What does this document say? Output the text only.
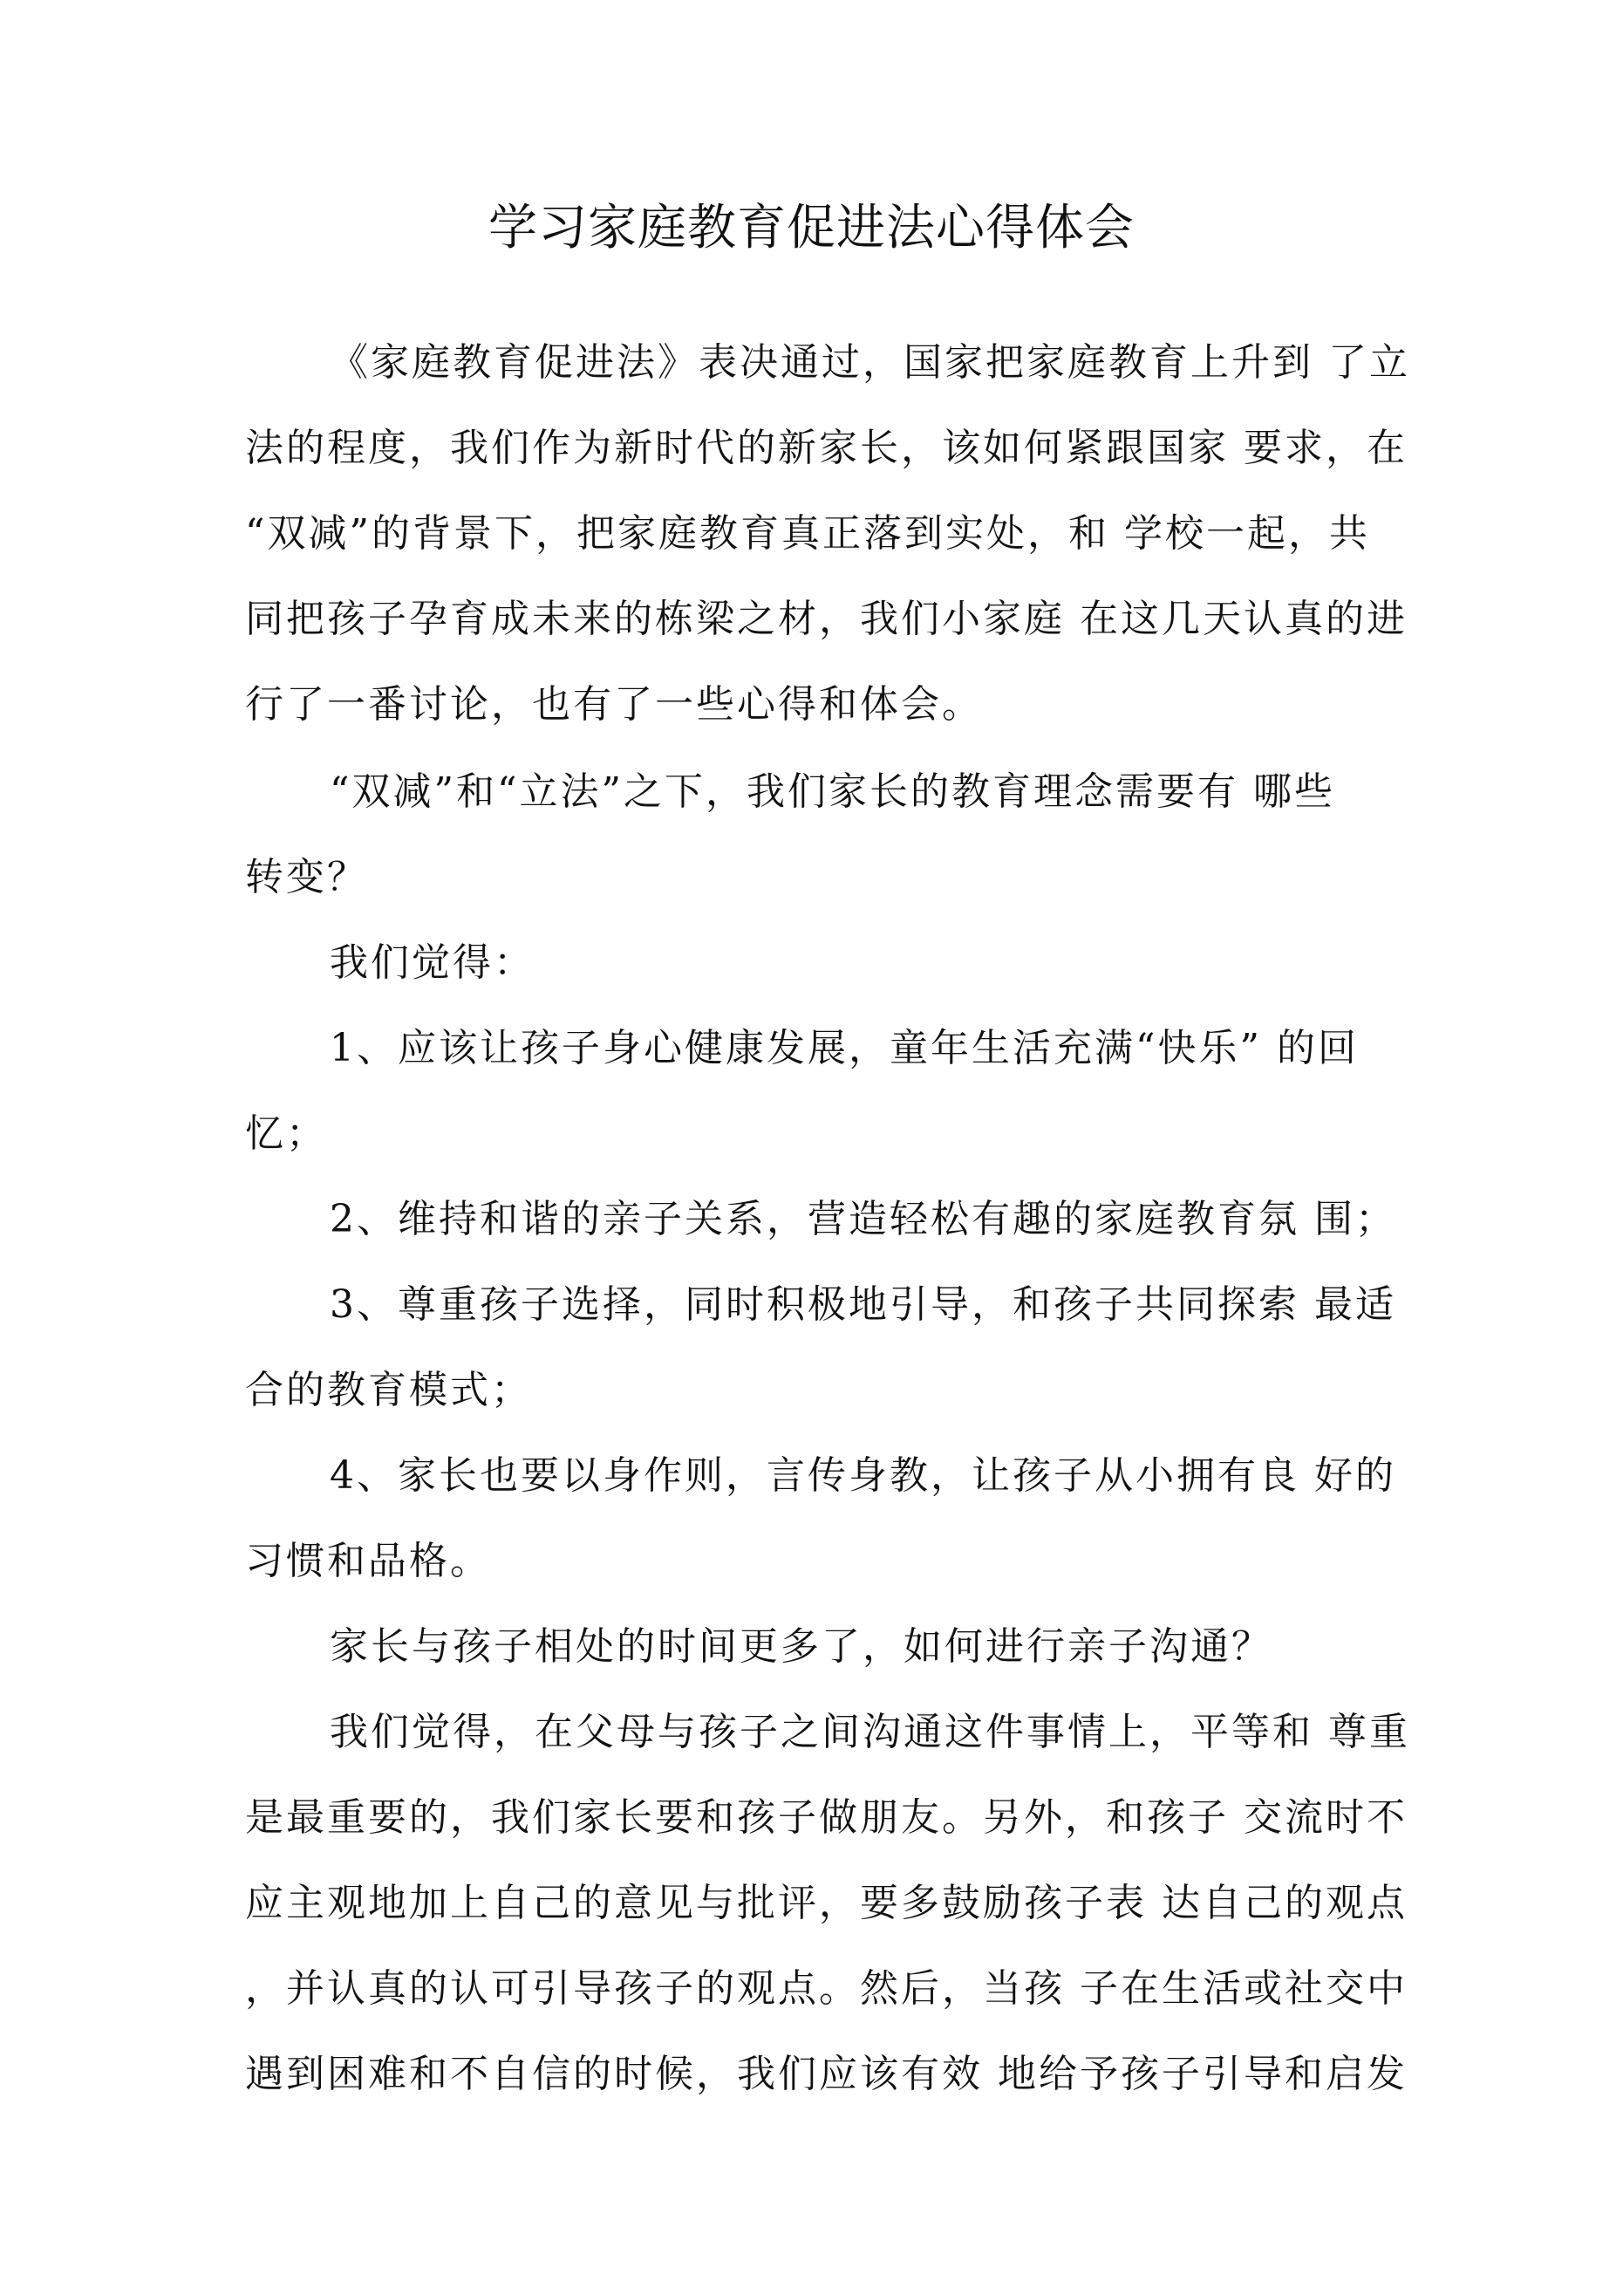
学习家庭教育促进法心得体会
《家庭教育促进法》表决通过，国家把家庭教育上升到 了立
法的程度，我们作为新时代的新家长，该如何紧跟国家 要求，在
“双减”的背景下，把家庭教育真正落到实处，和 学校一起，共
同把孩子孕育成未来的栋梁之材，我们小家庭 在这几天认真的进
行了一番讨论，也有了一些心得和体会。
“双减”和“立法”之下，我们家长的教育理念需要有 哪些
转变？
我们觉得：
1、应该让孩子身心健康发展，童年生活充满“快乐” 的回
忆；
2、维持和谐的亲子关系，营造轻松有趣的家庭教育氛 围；
3、尊重孩子选择，同时积极地引导，和孩子共同探索 最适
合的教育模式；
4、家长也要以身作则，言传身教，让孩子从小拥有良 好的
习惯和品格。
家长与孩子相处的时间更多了，如何进行亲子沟通？
我们觉得，在父母与孩子之间沟通这件事情上，平等和 尊重
是最重要的，我们家长要和孩子做朋友。另外，和孩子 交流时不
应主观地加上自己的意见与批评，要多鼓励孩子表 达自己的观点
，并认真的认可引导孩子的观点。然后，当孩 子在生活或社交中
遇到困难和不自信的时候，我们应该有效 地给予孩子引导和启发
